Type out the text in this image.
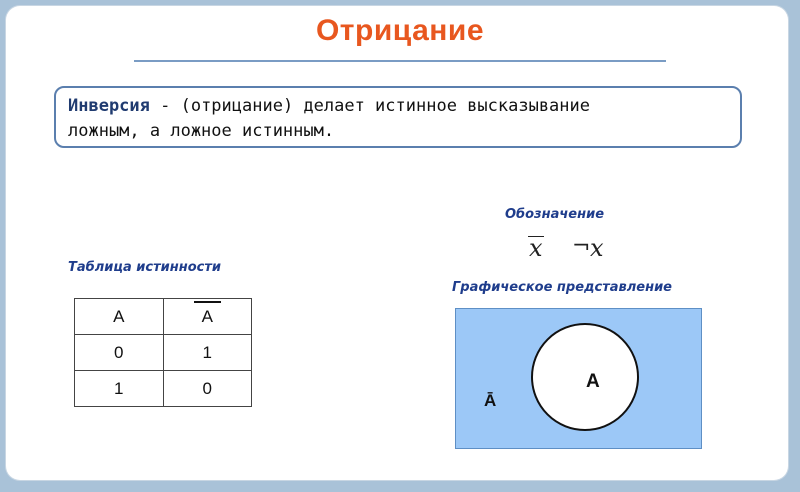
Отрицание
Инверсия - (отрицание) делает истинное высказывание
ложным, а ложное истинным.
Обозначение
x ¬ x
Таблица истинности
A	A
0	1
1	0
Графическое представление
A
Ā
